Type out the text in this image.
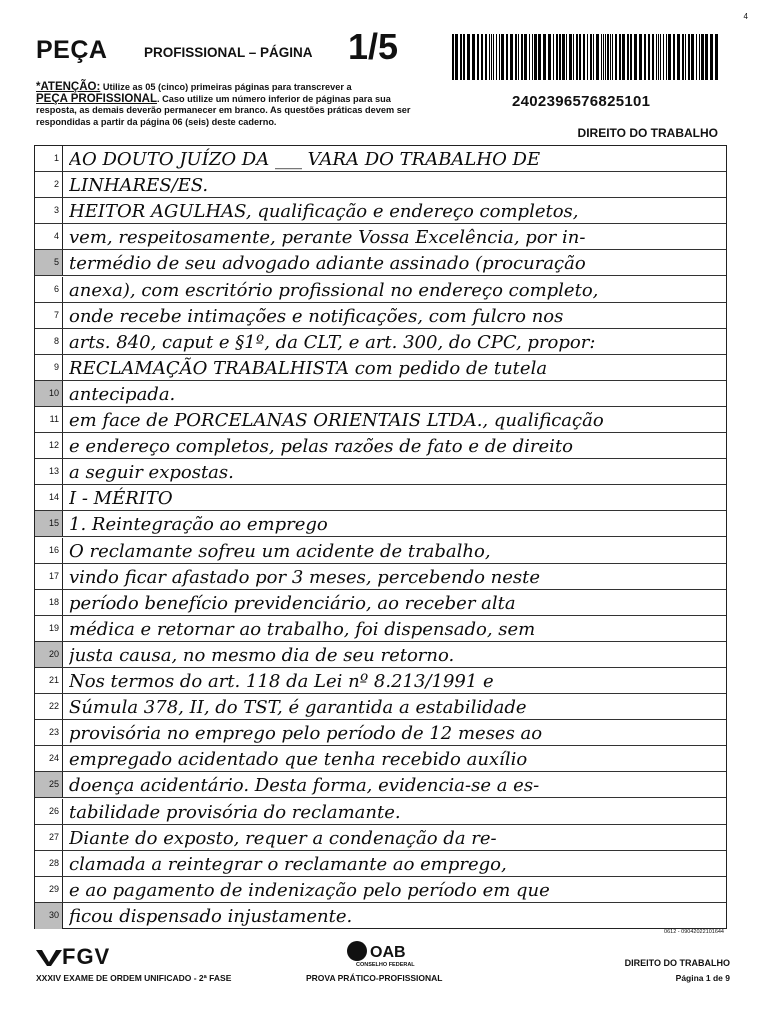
4
PEÇA	PROFISSIONAL – PÁGINA 1/5
2402396576825101
*ATENÇÃO: Utilize as 05 (cinco) primeiras páginas para transcrever a
PEÇA PROFISSIONAL. Caso utilize um número inferior de páginas para sua resposta, as demais deverão permanecer em branco. As questões práticas devem ser respondidas a partir da página 06 (seis) deste caderno.
DIREITO DO TRABALHO
1 AO DOUTO JUÍZO DA ___ VARA DO TRABALHO DE
2 LINHARES/ES.
3 HEITOR AGULHAS, qualificação e endereço completos,
4 vem, respeitosamente, perante Vossa Excelência, por in-
5 termédio de seu advogado adiante assinado (procuração
6 anexa), com escritório profissional no endereço completo,
7 onde recebe intimações e notificações, com fulcro nos
8 arts. 840, caput e §1º, da CLT, e art. 300, do CPC, propor:
9 RECLAMAÇÃO TRABALHISTA com pedido de tutela
10 antecipada.
11 em face de PORCELANAS ORIENTAIS LTDA., qualificação
12 e endereço completos, pelas razões de fato e de direito
13 a seguir expostas.
14 I - MÉRITO
15 1. Reintegração ao emprego
16 O reclamante sofreu um acidente de trabalho,
17 vindo ficar afastado por 3 meses, percebendo neste
18 período benefício previdenciário, ao receber alta
19 médica e retornar ao trabalho, foi dispensado, sem
20 justa causa, no mesmo dia de seu retorno.
21 Nos termos do art. 118 da Lei nº 8.213/1991 e
22 Súmula 378, II, do TST, é garantida a estabilidade
23 provisória no emprego pelo período de 12 meses ao
24 empregado acidentado que tenha recebido auxílio
25 doença acidentário. Desta forma, evidencia-se a es-
26 tabilidade provisória do reclamante.
27 Diante do exposto, requer a condenação da re-
28 clamada a reintegrar o reclamante ao emprego,
29 e ao pagamento de indenização pelo período em que
30 ficou dispensado injustamente.
0612 - 09042022101644
FGV
XXXIV EXAME DE ORDEM UNIFICADO - 2ª FASE
OAB
CONSELHO FEDERAL
PROVA PRÁTICO-PROFISSIONAL
DIREITO DO TRABALHO
Página 1 de 9
